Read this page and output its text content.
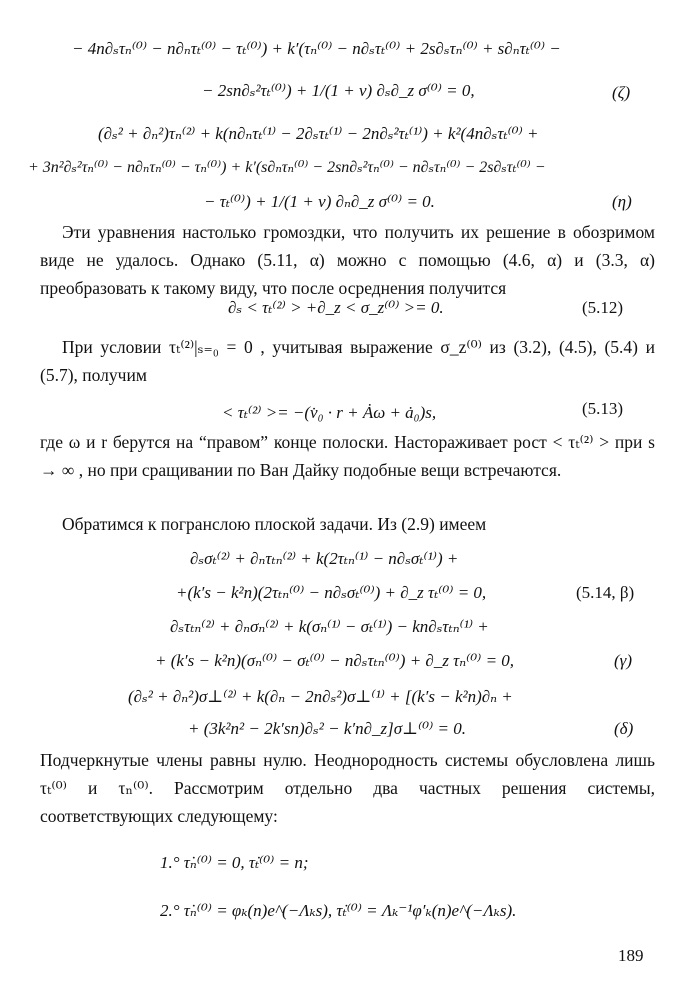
− 4n∂ₛτₙ⁽⁰⁾ − n∂ₙτₜ⁽⁰⁾ − τₜ⁽⁰⁾) + k′(τₙ⁽⁰⁾ − n∂ₛτₜ⁽⁰⁾ + 2s∂ₛτₙ⁽⁰⁾ + s∂ₙτₜ⁽⁰⁾ −
− 2sn∂ₛ²τₜ⁽⁰⁾) + 1/(1 + ν) ∂ₛ∂_z σ⁽⁰⁾ = 0,	(ζ)
(∂ₛ² + ∂ₙ²)τₙ⁽²⁾ + k(n∂ₙτₜ⁽¹⁾ − 2∂ₛτₜ⁽¹⁾ − 2n∂ₛ²τₜ⁽¹⁾) + k²(4n∂ₛτₜ⁽⁰⁾ +
+ 3n²∂ₛ²τₙ⁽⁰⁾ − n∂ₙτₙ⁽⁰⁾ − τₙ⁽⁰⁾) + k′(s∂ₙτₙ⁽⁰⁾ − 2sn∂ₛ²τₙ⁽⁰⁾ − n∂ₛτₙ⁽⁰⁾ − 2s∂ₛτₜ⁽⁰⁾ −
− τₜ⁽⁰⁾) + 1/(1 + ν) ∂ₙ∂_z σ⁽⁰⁾ = 0.	(η)
Эти уравнения настолько громоздки, что получить их решение в обозримом виде не удалось. Однако (5.11, α) можно с помощью (4.6, α) и (3.3, α) преобразовать к такому виду, что после осреднения получится
∂ₛ < τₜ⁽²⁾ > +∂_z < σ_z⁽⁰⁾ >= 0.	(5.12)
При условии τₜ⁽²⁾|ₛ₌₀ = 0 , учитывая выражение σ_z⁽⁰⁾ из (3.2), (4.5), (5.4) и (5.7), получим
< τₜ⁽²⁾ >= −(v̇₀ · r + Ȧω + ȧ₀)s,	(5.13)
где ω и r берутся на “правом” конце полоски. Настораживает рост < τₜ⁽²⁾ > при s → ∞ , но при сращивании по Ван Дайку подобные вещи встречаются.
Обратимся к погранслою плоской задачи. Из (2.9) имеем
∂ₛσₜ⁽²⁾ + ∂ₙτₜₙ⁽²⁾ + k(2τₜₙ⁽¹⁾ − n∂ₛσₜ⁽¹⁾) +
+(k′s − k²n)(2τₜₙ⁽⁰⁾ − n∂ₛσₜ⁽⁰⁾) + ∂_z τₜ⁽⁰⁾ = 0,	(5.14, β)
∂ₛτₜₙ⁽²⁾ + ∂ₙσₙ⁽²⁾ + k(σₙ⁽¹⁾ − σₜ⁽¹⁾) − kn∂ₛτₜₙ⁽¹⁾ +
+ (k′s − k²n)(σₙ⁽⁰⁾ − σₜ⁽⁰⁾ − n∂ₛτₜₙ⁽⁰⁾) + ∂_z τₙ⁽⁰⁾ = 0,	(γ)
(∂ₛ² + ∂ₙ²)σ⊥⁽²⁾ + k(∂ₙ − 2n∂ₛ²)σ⊥⁽¹⁾ + [(k′s − k²n)∂ₙ +
+ (3k²n² − 2k′sn)∂ₛ² − k′n∂_z]σ⊥⁽⁰⁾ = 0.	(δ)
Подчеркнутые члены равны нулю. Неоднородность системы обусловлена лишь τₜ⁽⁰⁾ и τₙ⁽⁰⁾. Рассмотрим отдельно два частных решения системы, соответствующих следующему:
1.° τ̇ₙ⁽⁰⁾ = 0, τ̇ₜ⁽⁰⁾ = n;
2.° τ̇ₙ⁽⁰⁾ = φₖ(n)e^(−Λₖs), τ̇ₜ⁽⁰⁾ = Λₖ⁻¹φ′ₖ(n)e^(−Λₖs).
189
